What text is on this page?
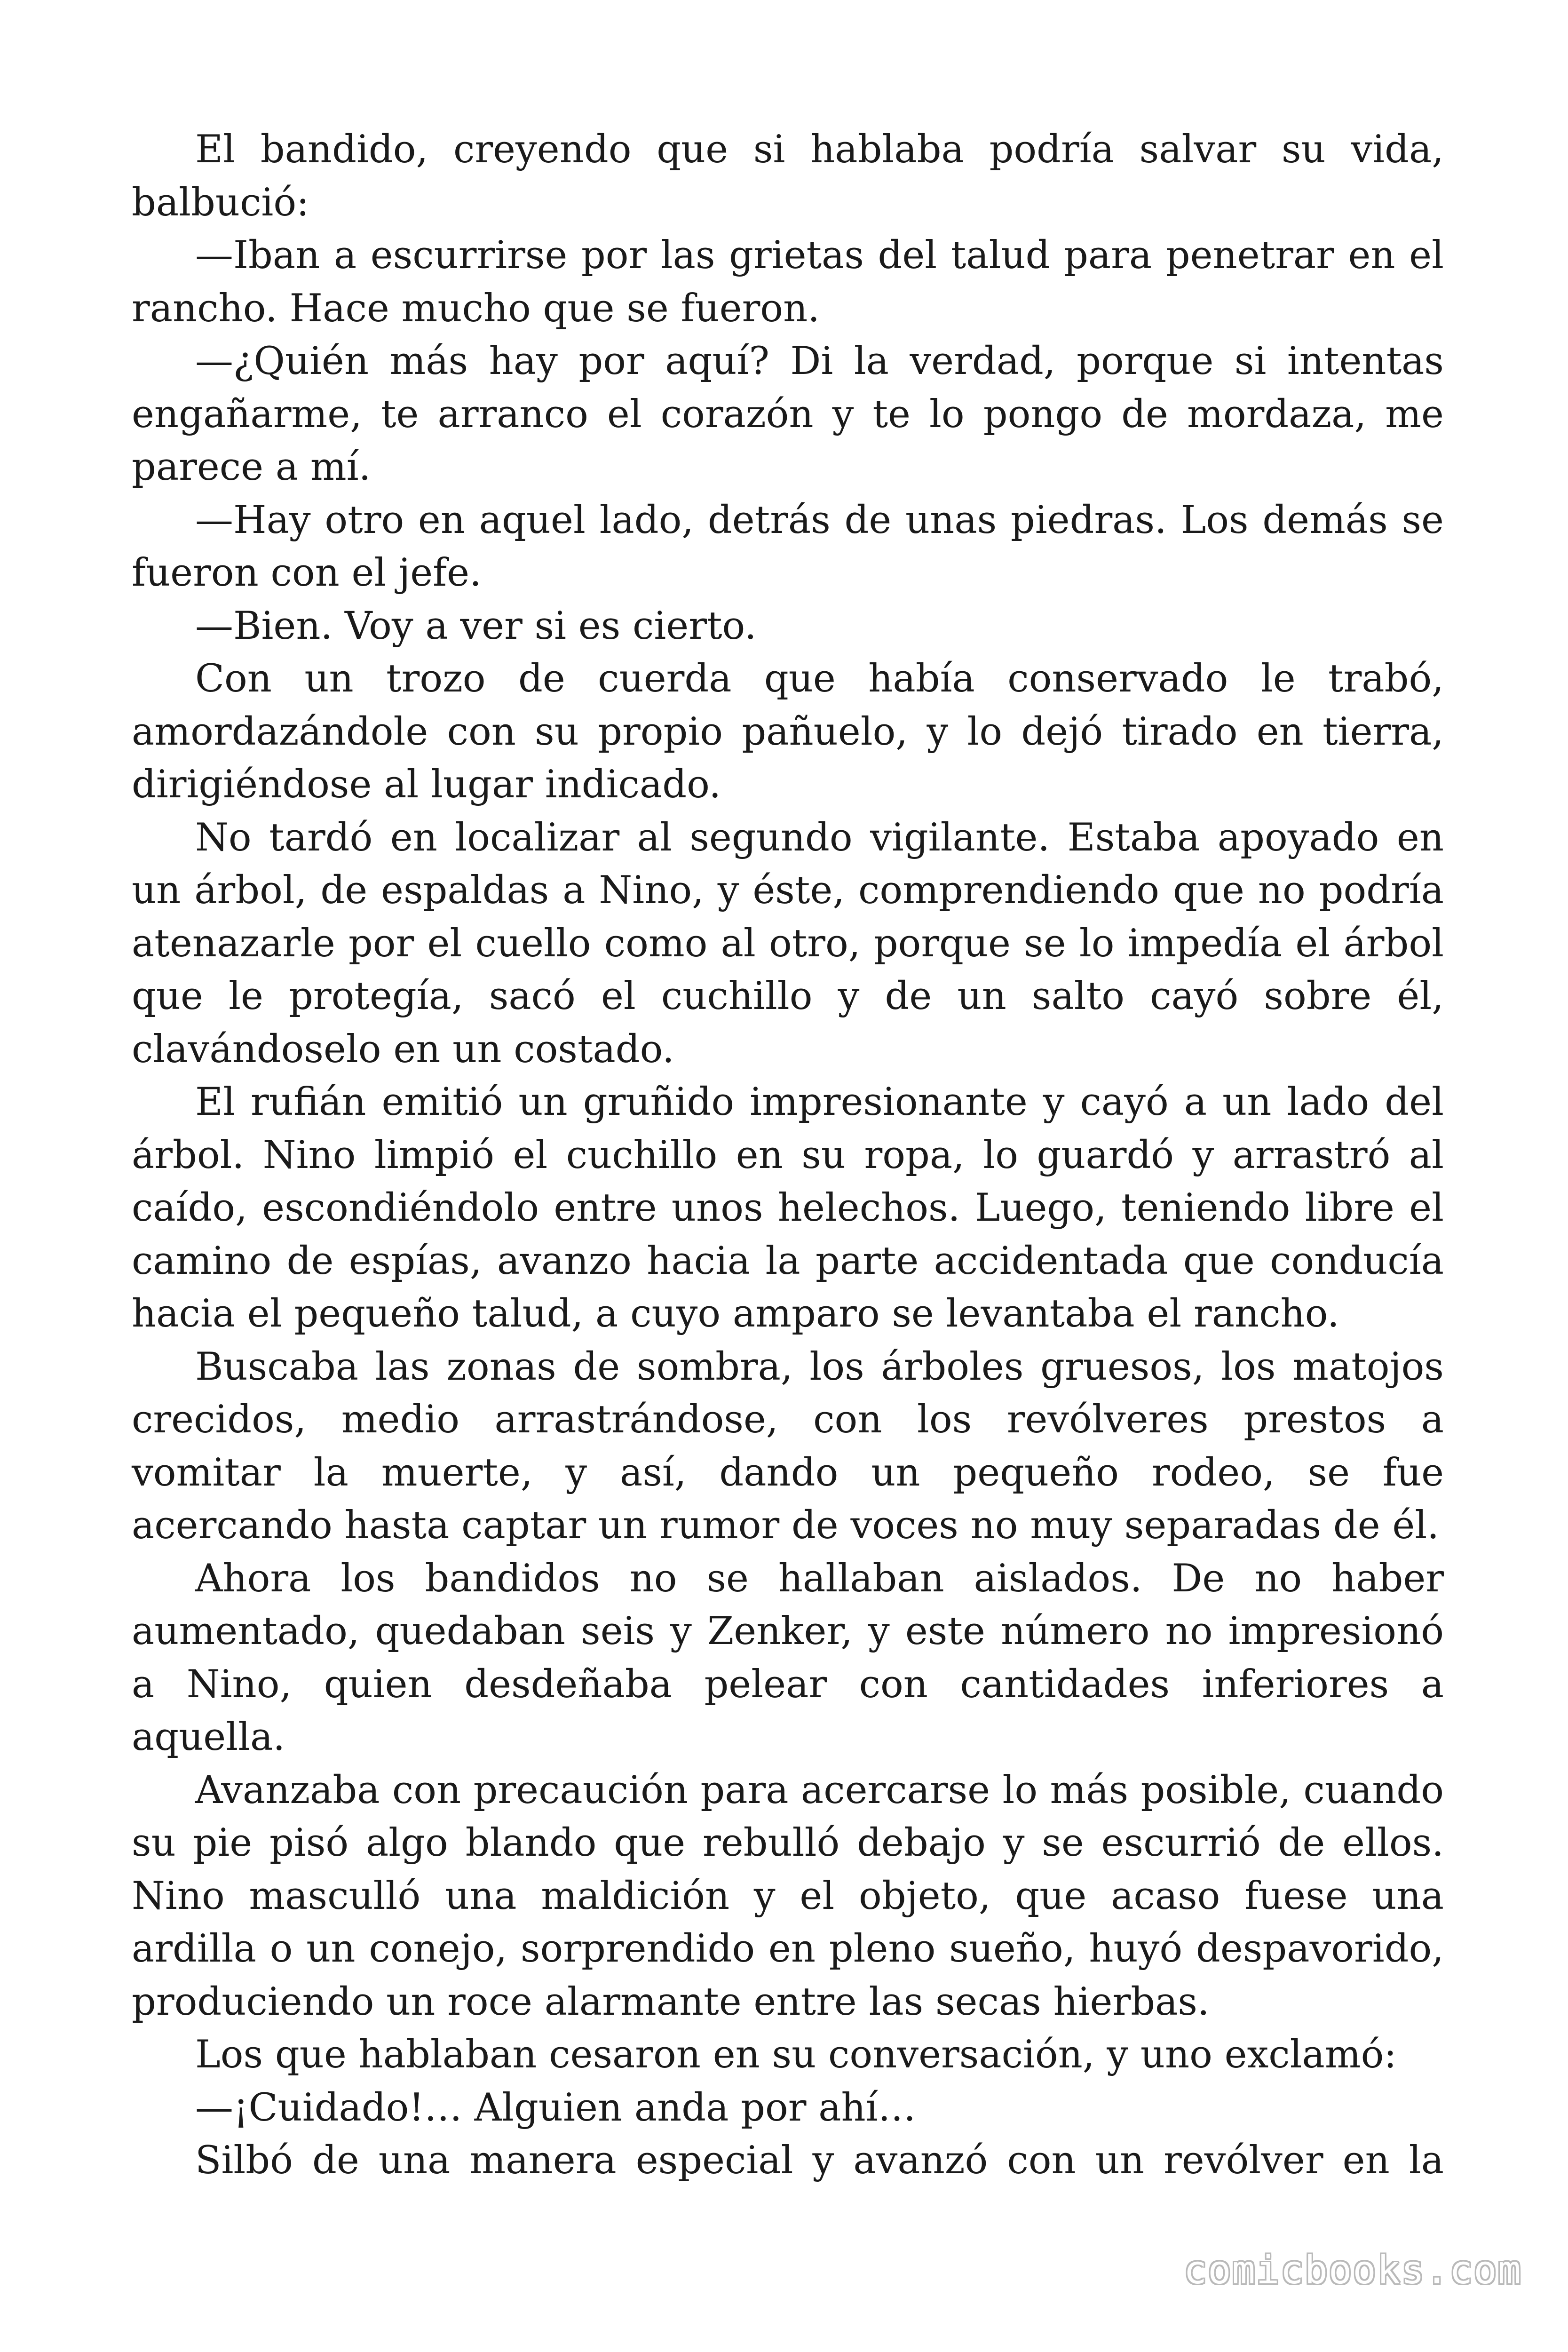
El bandido, creyendo que si hablaba podría salvar su vida, balbució:

—Iban a escurrirse por las grietas del talud para penetrar en el rancho. Hace mucho que se fueron.

—¿Quién más hay por aquí? Di la verdad, porque si intentas engañarme, te arranco el corazón y te lo pongo de mordaza, me parece a mí.

—Hay otro en aquel lado, detrás de unas piedras. Los demás se fueron con el jefe.

—Bien. Voy a ver si es cierto.

Con un trozo de cuerda que había conservado le trabó, amordazándole con su propio pañuelo, y lo dejó tirado en tierra, dirigiéndose al lugar indicado.

No tardó en localizar al segundo vigilante. Estaba apoyado en un árbol, de espaldas a Nino, y éste, comprendiendo que no podría atenazarle por el cuello como al otro, porque se lo impedía el árbol que le protegía, sacó el cuchillo y de un salto cayó sobre él, clavándoselo en un costado.

El rufián emitió un gruñido impresionante y cayó a un lado del árbol. Nino limpió el cuchillo en su ropa, lo guardó y arrastró al caído, escondiéndolo entre unos helechos. Luego, teniendo libre el camino de espías, avanzo hacia la parte accidentada que conducía hacia el pequeño talud, a cuyo amparo se levantaba el rancho.

Buscaba las zonas de sombra, los árboles gruesos, los matojos crecidos, medio arrastrándose, con los revólveres prestos a vomitar la muerte, y así, dando un pequeño rodeo, se fue acercando hasta captar un rumor de voces no muy separadas de él.

Ahora los bandidos no se hallaban aislados. De no haber aumentado, quedaban seis y Zenker, y este número no impresionó a Nino, quien desdeñaba pelear con cantidades inferiores a aquella.

Avanzaba con precaución para acercarse lo más posible, cuando su pie pisó algo blando que rebulló debajo y se escurrió de ellos. Nino masculló una maldición y el objeto, que acaso fuese una ardilla o un conejo, sorprendido en pleno sueño, huyó despavorido, produciendo un roce alarmante entre las secas hierbas.

Los que hablaban cesaron en su conversación, y uno exclamó:

—¡Cuidado!… Alguien anda por ahí…

Silbó de una manera especial y avanzó con un revólver en la

comicbooks.com
